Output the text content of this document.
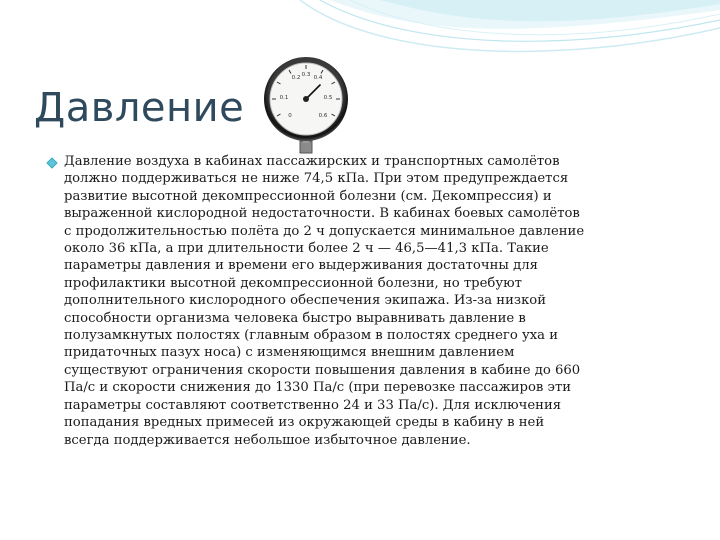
0.2 0.3 0.4
0.1	0.5
0	0.6
Давление

Давление воздуха в кабинах пассажирских и транспортных самолётов
должно поддерживаться не ниже 74,5 кПа. При этом предупреждается
развитие высотной декомпрессионной болезни (см. Декомпрессия) и
выраженной кислородной недостаточности. В кабинах боевых самолётов
с продолжительностью полёта до 2 ч допускается минимальное давление
около 36 кПа, а при длительности более 2 ч — 46,5—41,3 кПа. Такие
параметры давления и времени его выдерживания достаточны для
профилактики высотной декомпрессионной болезни, но требуют
дополнительного кислородного обеспечения экипажа. Из-за низкой
способности организма человека быстро выравнивать давление в
полузамкнутых полостях (главным образом в полостях среднего уха и
придаточных пазух носа) с изменяющимся внешним давлением
существуют ограничения скорости повышения давления в кабине до 660
Па/с и скорости снижения до 1330 Па/с (при перевозке пассажиров эти
параметры составляют соответственно 24 и 33 Па/с). Для исключения
попадания вредных примесей из окружающей среды в кабину в ней
всегда поддерживается небольшое избыточное давление.
